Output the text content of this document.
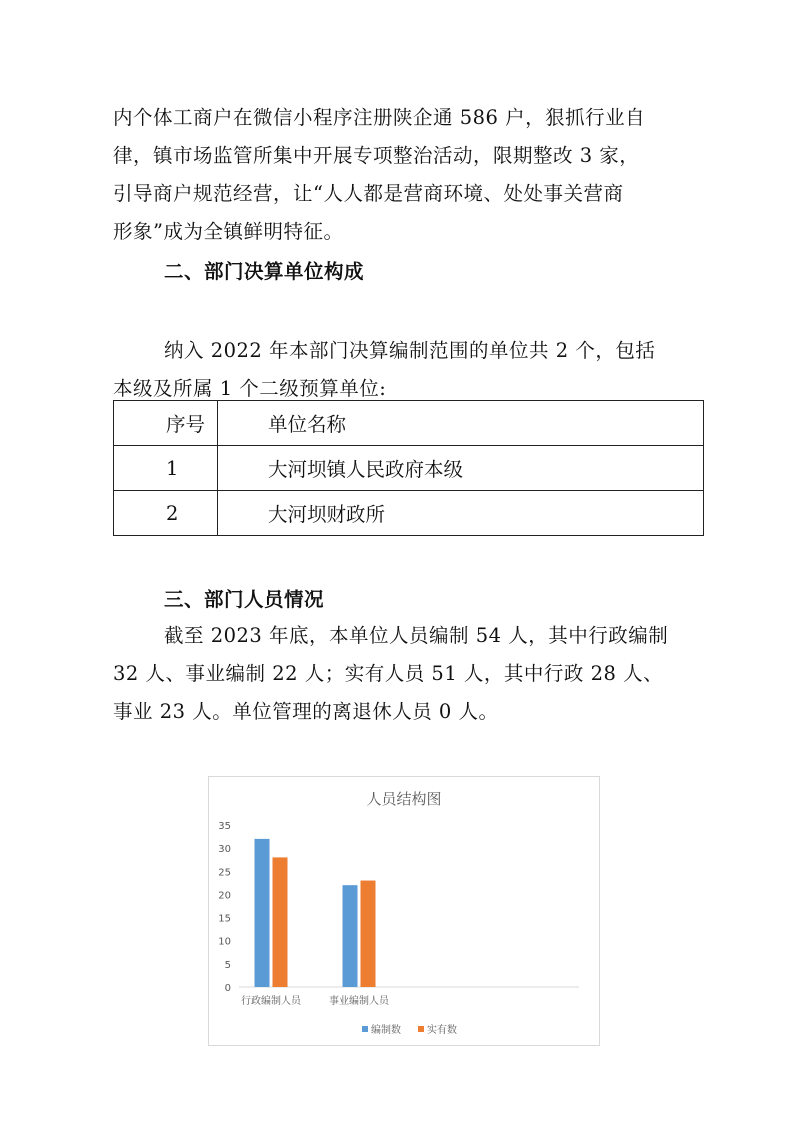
内个体工商户在微信小程序注册陕企通 586 户，狠抓行业自
律，镇市场监管所集中开展专项整治活动，限期整改 3 家，
引导商户规范经营，让“人人都是营商环境、处处事关营商
形象”成为全镇鲜明特征。
二、部门决算单位构成
纳入 2022 年本部门决算编制范围的单位共 2 个，包括
本级及所属 1 个二级预算单位:
序号	单位名称
1	大河坝镇人民政府本级
2	大河坝财政所
三、部门人员情况
截至 2023 年底，本单位人员编制 54 人，其中行政编制
32 人、事业编制 22 人；实有人员 51 人，其中行政 28 人、
事业 23 人。单位管理的离退休人员 0 人。
人员结构图
0
5
10
15
20
25
30
35
行政编制人员	事业编制人员
编制数	实有数
